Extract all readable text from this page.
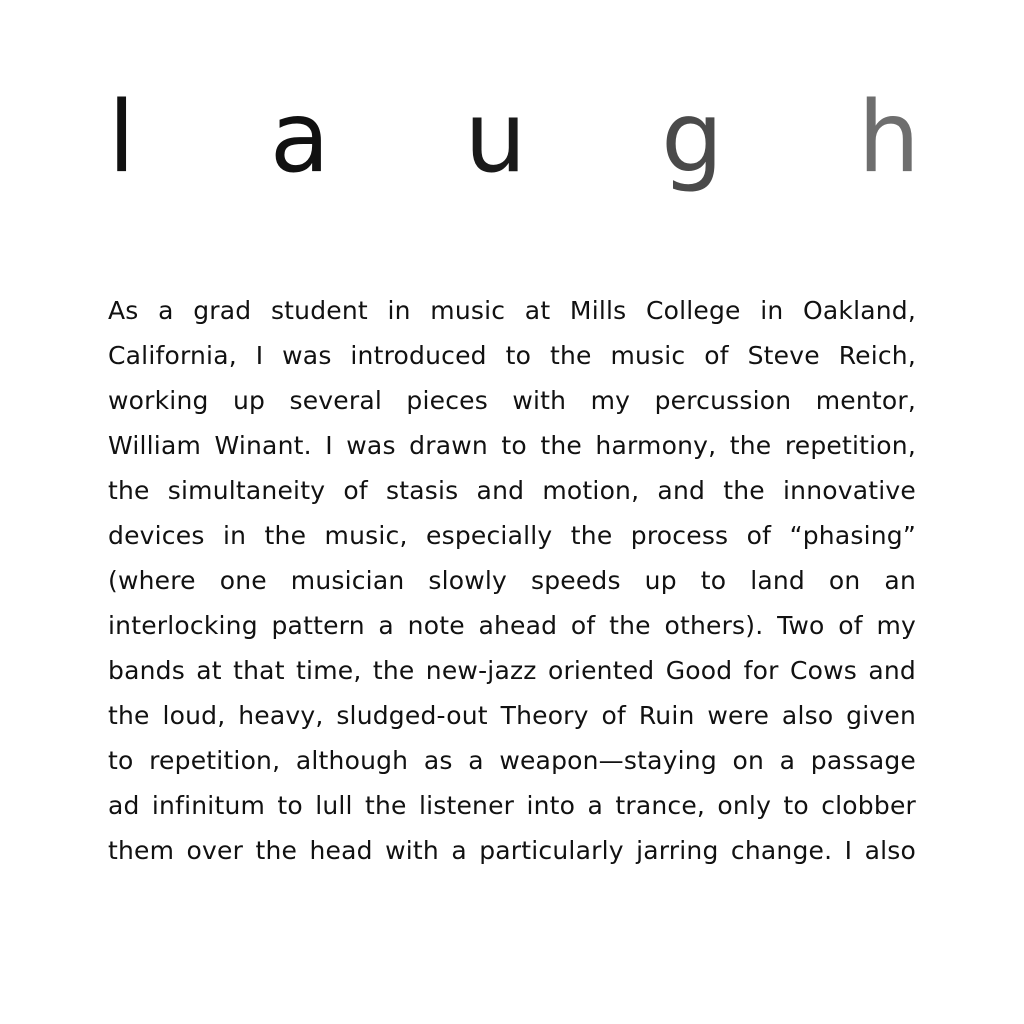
l a u g h
As a grad student in music at Mills College in Oakland,
California, I was introduced to the music of Steve Reich,
working up several pieces with my percussion mentor,
William Winant. I was drawn to the harmony, the repetition,
the simultaneity of stasis and motion, and the innovative
devices in the music, especially the process of “phasing”
(where one musician slowly speeds up to land on an
interlocking pattern a note ahead of the others). Two of my
bands at that time, the new-jazz oriented Good for Cows and
the loud, heavy, sludged-out Theory of Ruin were also given
to repetition, although as a weapon—staying on a passage
ad infinitum to lull the listener into a trance, only to clobber
them over the head with a particularly jarring change. I also
